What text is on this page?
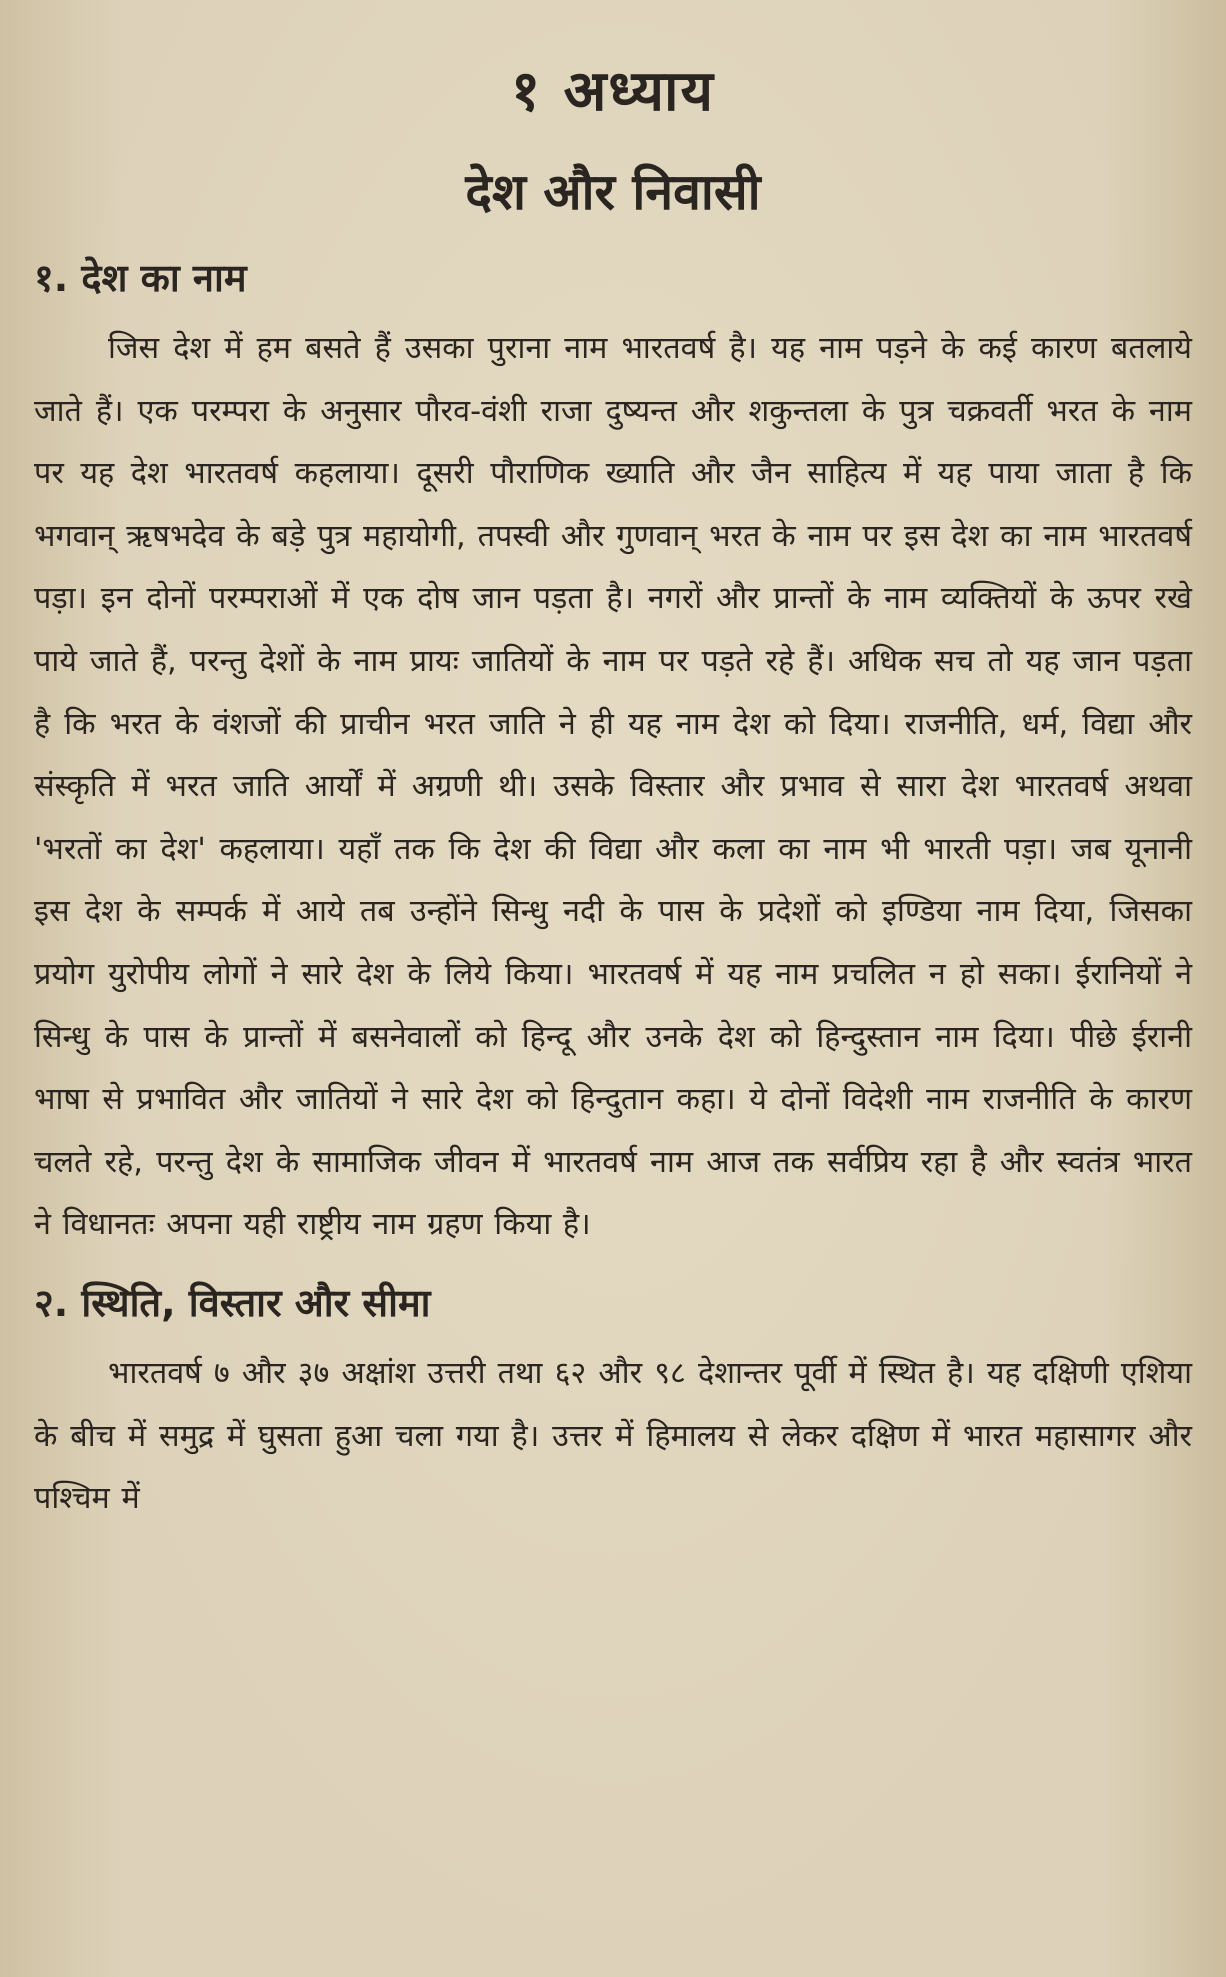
१ अध्याय
देश और निवासी
१. देश का नाम

जिस देश में हम बसते हैं उसका पुराना नाम भारतवर्ष है। यह नाम पड़ने के कई कारण बतलाये जाते हैं। एक परम्परा के अनुसार पौरव-वंशी राजा दुष्यन्त और शकुन्तला के पुत्र चक्रवर्ती भरत के नाम पर यह देश भारतवर्ष कहलाया। दूसरी पौराणिक ख्याति और जैन साहित्य में यह पाया जाता है कि भगवान् ऋषभदेव के बड़े पुत्र महायोगी, तपस्वी और गुणवान् भरत के नाम पर इस देश का नाम भारतवर्ष पड़ा। इन दोनों परम्पराओं में एक दोष जान पड़ता है। नगरों और प्रान्तों के नाम व्यक्तियों के ऊपर रखे पाये जाते हैं, परन्तु देशों के नाम प्रायः जातियों के नाम पर पड़ते रहे हैं। अधिक सच तो यह जान पड़ता है कि भरत के वंशजों की प्राचीन भरत जाति ने ही यह नाम देश को दिया। राजनीति, धर्म, विद्या और संस्कृति में भरत जाति आर्यों में अग्रणी थी। उसके विस्तार और प्रभाव से सारा देश भारतवर्ष अथवा 'भरतों का देश' कहलाया। यहाँ तक कि देश की विद्या और कला का नाम भी भारती पड़ा। जब यूनानी इस देश के सम्पर्क में आये तब उन्होंने सिन्धु नदी के पास के प्रदेशों को इण्डिया नाम दिया, जिसका प्रयोग युरोपीय लोगों ने सारे देश के लिये किया। भारतवर्ष में यह नाम प्रचलित न हो सका। ईरानियों ने सिन्धु के पास के प्रान्तों में बसनेवालों को हिन्दू और उनके देश को हिन्दुस्तान नाम दिया। पीछे ईरानी भाषा से प्रभावित और जातियों ने सारे देश को हिन्दुतान कहा। ये दोनों विदेशी नाम राजनीति के कारण चलते रहे, परन्तु देश के सामाजिक जीवन में भारतवर्ष नाम आज तक सर्वप्रिय रहा है और स्वतंत्र भारत ने विधानतः अपना यही राष्ट्रीय नाम ग्रहण किया है।

२. स्थिति, विस्तार और सीमा

भारतवर्ष ७ और ३७ अक्षांश उत्तरी तथा ६२ और ९८ देशान्तर पूर्वी में स्थित है। यह दक्षिणी एशिया के बीच में समुद्र में घुसता हुआ चला गया है। उत्तर में हिमालय से लेकर दक्षिण में भारत महासागर और पश्चिम में
